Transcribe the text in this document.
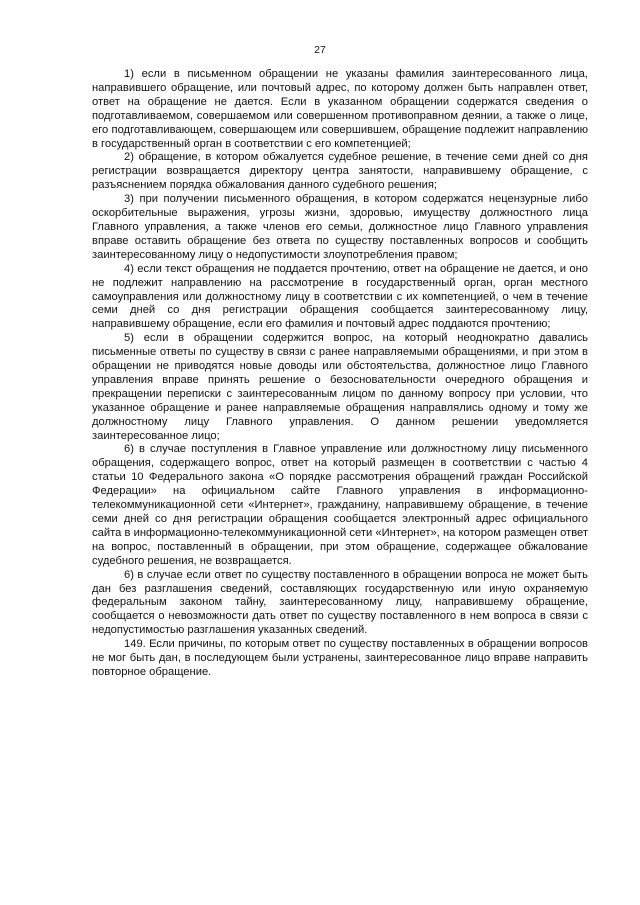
27

1) если в письменном обращении не указаны фамилия заинтересованного лица, направившего обращение, или почтовый адрес, по которому должен быть направлен ответ, ответ на обращение не дается. Если в указанном обращении содержатся сведения о подготавливаемом, совершаемом или совершенном противоправном деянии, а также о лице, его подготавливающем, совершающем или совершившем, обращение подлежит направлению в государственный орган в соответствии с его компетенцией;

2) обращение, в котором обжалуется судебное решение, в течение семи дней со дня регистрации возвращается директору центра занятости, направившему обращение, с разъяснением порядка обжалования данного судебного решения;

3) при получении письменного обращения, в котором содержатся нецензурные либо оскорбительные выражения, угрозы жизни, здоровью, имуществу должностного лица Главного управления, а также членов его семьи, должностное лицо Главного управления вправе оставить обращение без ответа по существу поставленных вопросов и сообщить заинтересованному лицу о недопустимости злоупотребления правом;

4) если текст обращения не поддается прочтению, ответ на обращение не дается, и оно не подлежит направлению на рассмотрение в государственный орган, орган местного самоуправления или должностному лицу в соответствии с их компетенцией, о чем в течение семи дней со дня регистрации обращения сообщается заинтересованному лицу, направившему обращение, если его фамилия и почтовый адрес поддаются прочтению;

5) если в обращении содержится вопрос, на который неоднократно давались письменные ответы по существу в связи с ранее направляемыми обращениями, и при этом в обращении не приводятся новые доводы или обстоятельства, должностное лицо Главного управления вправе принять решение о безосновательности очередного обращения и прекращении переписки с заинтересованным лицом по данному вопросу при условии, что указанное обращение и ранее направляемые обращения направлялись одному и тому же должностному лицу Главного управления. О данном решении уведомляется заинтересованное лицо;

6) в случае поступления в Главное управление или должностному лицу письменного обращения, содержащего вопрос, ответ на который размещен в соответствии с частью 4 статьи 10 Федерального закона «О порядке рассмотрения обращений граждан Российской Федерации» на официальном сайте Главного управления в информационно-телекоммуникационной сети «Интернет», гражданину, направившему обращение, в течение семи дней со дня регистрации обращения сообщается электронный адрес официального сайта в информационно-телекоммуникационной сети «Интернет», на котором размещен ответ на вопрос, поставленный в обращении, при этом обращение, содержащее обжалование судебного решения, не возвращается.

6) в случае если ответ по существу поставленного в обращении вопроса не может быть дан без разглашения сведений, составляющих государственную или иную охраняемую федеральным законом тайну, заинтересованному лицу, направившему обращение, сообщается о невозможности дать ответ по существу поставленного в нем вопроса в связи с недопустимостью разглашения указанных сведений.

149. Если причины, по которым ответ по существу поставленных в обращении вопросов не мог быть дан, в последующем были устранены, заинтересованное лицо вправе направить повторное обращение.
